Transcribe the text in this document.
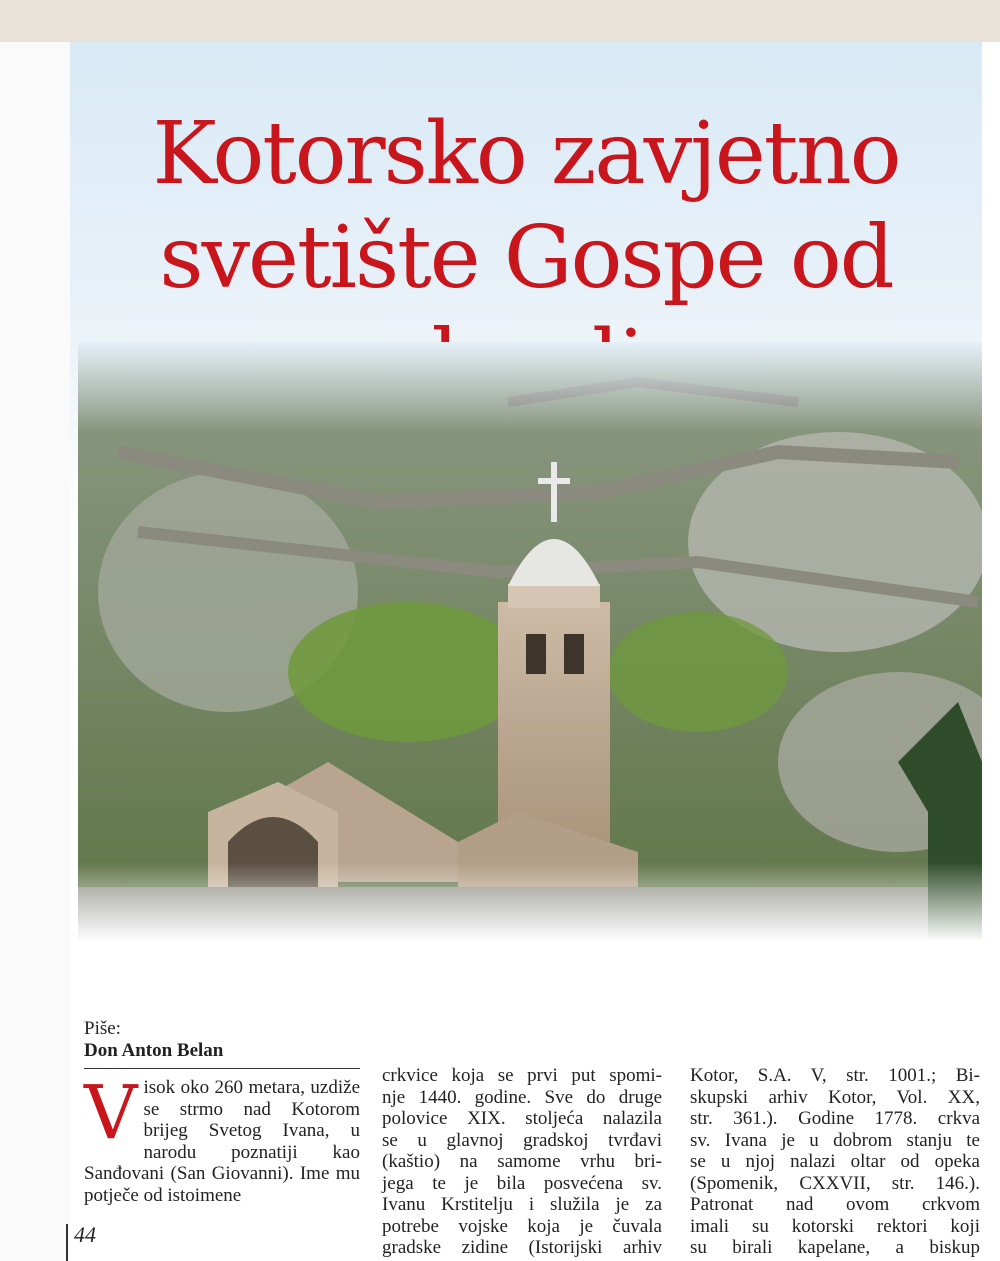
Kotorsko zavjetno
svetište Gospe od
Piše:
Don Anton Belan
V isok oko 260 metara, uzdiže se strmo nad Kotorom brijeg Svetog Ivana, u narodu poznatiji kao Sanđovani (San Giovanni). Ime mu potječe od istoimene

crkvice koja se prvi put spomi-

nje 1440. godine. Sve do druge

polovice XIX. stoljeća nalazila

se u glavnoj gradskoj tvrđavi

(kaštio) na samome vrhu bri-

jega te je bila posvećena sv.

Ivanu Krstitelju i služila je za

potrebe vojske koja je čuvala

gradske zidine (Istorijski arhiv

Kotor, S.A. V, str. 1001.; Bi-

skupski arhiv Kotor, Vol. XX,

str. 361.). Godine 1778. crkva

sv. Ivana je u dobrom stanju te

se u njoj nalazi oltar od opeka

(Spomenik, CXXVII, str. 146.).

Patronat nad ovom crkvom

imali su kotorski rektori koji

su birali kapelane, a biskup

44
